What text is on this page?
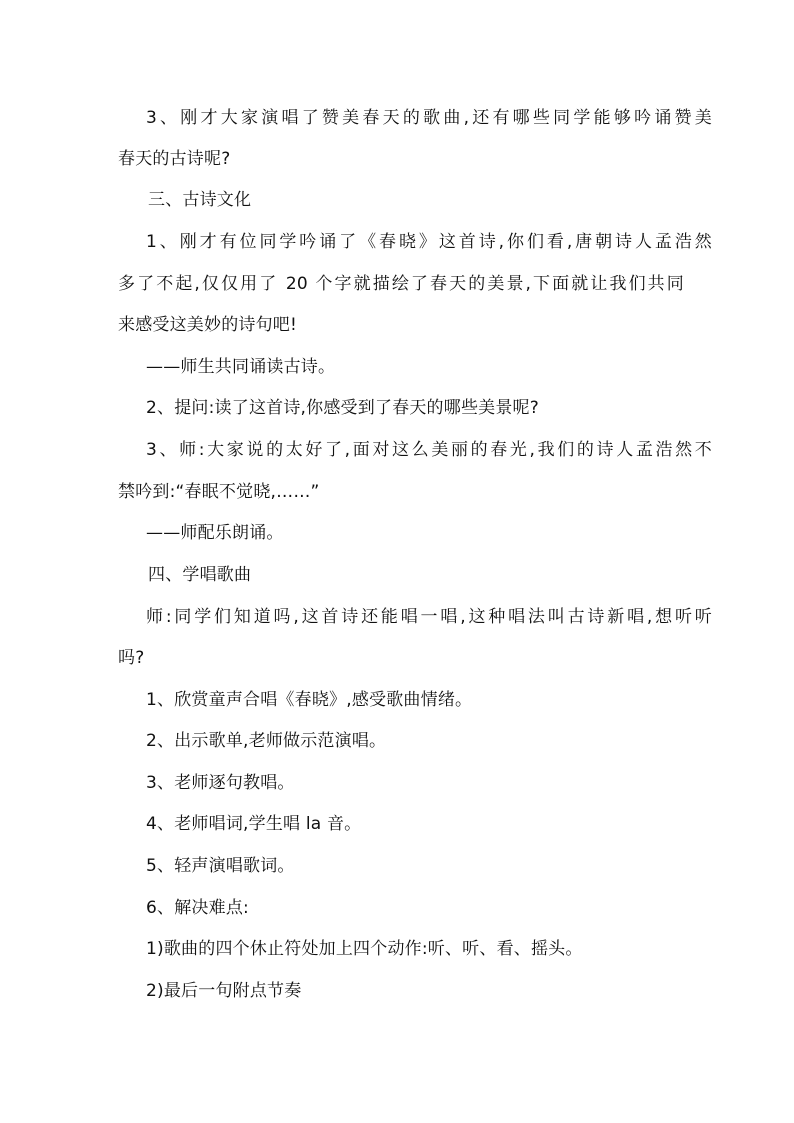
3、刚才大家演唱了赞美春天的歌曲,还有哪些同学能够吟诵赞美
春天的古诗呢?
三、古诗文化
1、刚才有位同学吟诵了《春晓》这首诗,你们看,唐朝诗人孟浩然
多了不起,仅仅用了 20 个字就描绘了春天的美景,下面就让我们共同
来感受这美妙的诗句吧!
——师生共同诵读古诗。
2、提问:读了这首诗,你感受到了春天的哪些美景呢?
3、师:大家说的太好了,面对这么美丽的春光,我们的诗人孟浩然不
禁吟到:“春眠不觉晓,……”
——师配乐朗诵。
四、学唱歌曲
师:同学们知道吗,这首诗还能唱一唱,这种唱法叫古诗新唱,想听听
吗?
1、欣赏童声合唱《春晓》,感受歌曲情绪。
2、出示歌单,老师做示范演唱。
3、老师逐句教唱。
4、老师唱词,学生唱 la 音。
5、轻声演唱歌词。
6、解决难点:
1)歌曲的四个休止符处加上四个动作:听、听、看、摇头。
2)最后一句附点节奏
